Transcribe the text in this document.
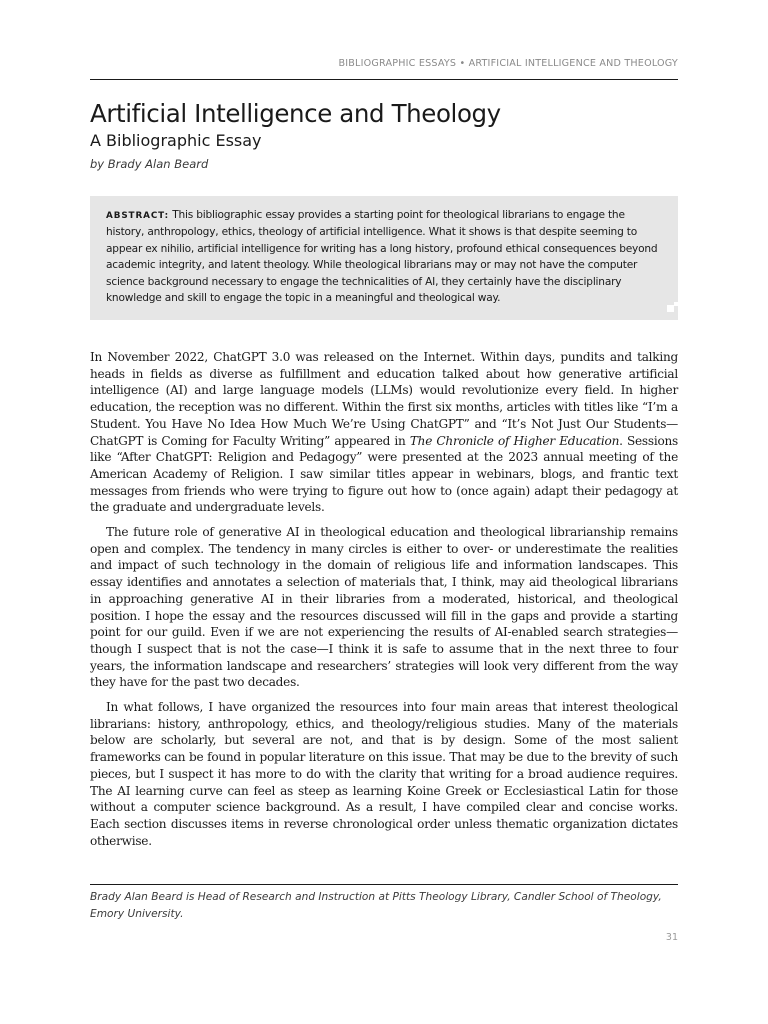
BIBLIOGRAPHIC ESSAYS • ARTIFICIAL INTELLIGENCE AND THEOLOGY
Artificial Intelligence and Theology
A Bibliographic Essay
by Brady Alan Beard
ABSTRACT: This bibliographic essay provides a starting point for theological librarians to engage the history, anthropology, ethics, theology of artificial intelligence. What it shows is that despite seeming to appear ex nihilio, artificial intelligence for writing has a long history, profound ethical consequences beyond academic integrity, and latent theology. While theological librarians may or may not have the computer science background necessary to engage the technicalities of AI, they certainly have the disciplinary knowledge and skill to engage the topic in a meaningful and theological way.

In November 2022, ChatGPT 3.0 was released on the Internet. Within days, pundits and talking heads in fields as diverse as fulfillment and education talked about how generative artificial intelligence (AI) and large language models (LLMs) would revolutionize every field. In higher education, the reception was no different. Within the first six months, articles with titles like “I’m a Student. You Have No Idea How Much We’re Using ChatGPT” and “It’s Not Just Our Students—ChatGPT is Coming for Faculty Writing” appeared in The Chronicle of Higher Education. Sessions like “After ChatGPT: Religion and Pedagogy” were presented at the 2023 annual meeting of the American Academy of Religion. I saw similar titles appear in webinars, blogs, and frantic text messages from friends who were trying to figure out how to (once again) adapt their pedagogy at the graduate and undergraduate levels.

The future role of generative AI in theological education and theological librarianship remains open and complex. The tendency in many circles is either to over- or underestimate the realities and impact of such technology in the domain of religious life and information landscapes. This essay identifies and annotates a selection of materials that, I think, may aid theological librarians in approaching generative AI in their libraries from a moderated, historical, and theological position. I hope the essay and the resources discussed will fill in the gaps and provide a starting point for our guild. Even if we are not experiencing the results of AI-enabled search strategies—though I suspect that is not the case—I think it is safe to assume that in the next three to four years, the information landscape and researchers’ strategies will look very different from the way they have for the past two decades.

In what follows, I have organized the resources into four main areas that interest theological librarians: history, anthropology, ethics, and theology/religious studies. Many of the materials below are scholarly, but several are not, and that is by design. Some of the most salient frameworks can be found in popular literature on this issue. That may be due to the brevity of such pieces, but I suspect it has more to do with the clarity that writing for a broad audience requires. The AI learning curve can feel as steep as learning Koine Greek or Ecclesiastical Latin for those without a computer science background. As a result, I have compiled clear and concise works. Each section discusses items in reverse chronological order unless thematic organization dictates otherwise.

Brady Alan Beard is Head of Research and Instruction at Pitts Theology Library, Candler School of Theology, Emory University.
31
